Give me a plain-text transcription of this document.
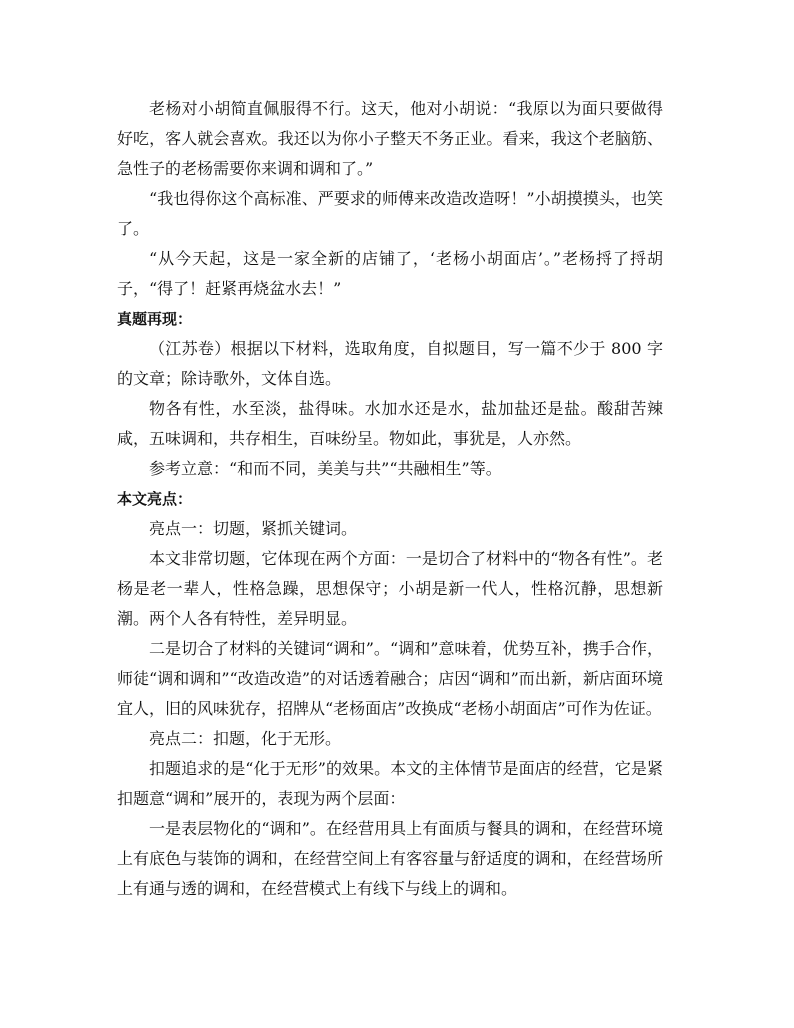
老杨对小胡简直佩服得不行。这天，他对小胡说：“我原以为面只要做得好吃，客人就会喜欢。我还以为你小子整天不务正业。看来，我这个老脑筋、急性子的老杨需要你来调和调和了。”

“我也得你这个高标准、严要求的师傅来改造改造呀！”小胡摸摸头，也笑了。

“从今天起，这是一家全新的店铺了，‘老杨小胡面店’。”老杨捋了捋胡子，“得了！赶紧再烧盆水去！”

真题再现：

（江苏卷）根据以下材料，选取角度，自拟题目，写一篇不少于 800 字的文章；除诗歌外，文体自选。

物各有性，水至淡，盐得味。水加水还是水，盐加盐还是盐。酸甜苦辣咸，五味调和，共存相生，百味纷呈。物如此，事犹是，人亦然。

参考立意：“和而不同，美美与共”“共融相生”等。

本文亮点：

亮点一：切题，紧抓关键词。

本文非常切题，它体现在两个方面：一是切合了材料中的“物各有性”。老杨是老一辈人，性格急躁，思想保守；小胡是新一代人，性格沉静，思想新潮。两个人各有特性，差异明显。

二是切合了材料的关键词“调和”。“调和”意味着，优势互补，携手合作，师徒“调和调和”“改造改造”的对话透着融合；店因“调和”而出新，新店面环境宜人，旧的风味犹存，招牌从“老杨面店”改换成“老杨小胡面店”可作为佐证。

亮点二：扣题，化于无形。

扣题追求的是“化于无形”的效果。本文的主体情节是面店的经营，它是紧扣题意“调和”展开的，表现为两个层面：

一是表层物化的“调和”。在经营用具上有面质与餐具的调和，在经营环境上有底色与装饰的调和，在经营空间上有客容量与舒适度的调和，在经营场所上有通与透的调和，在经营模式上有线下与线上的调和。
